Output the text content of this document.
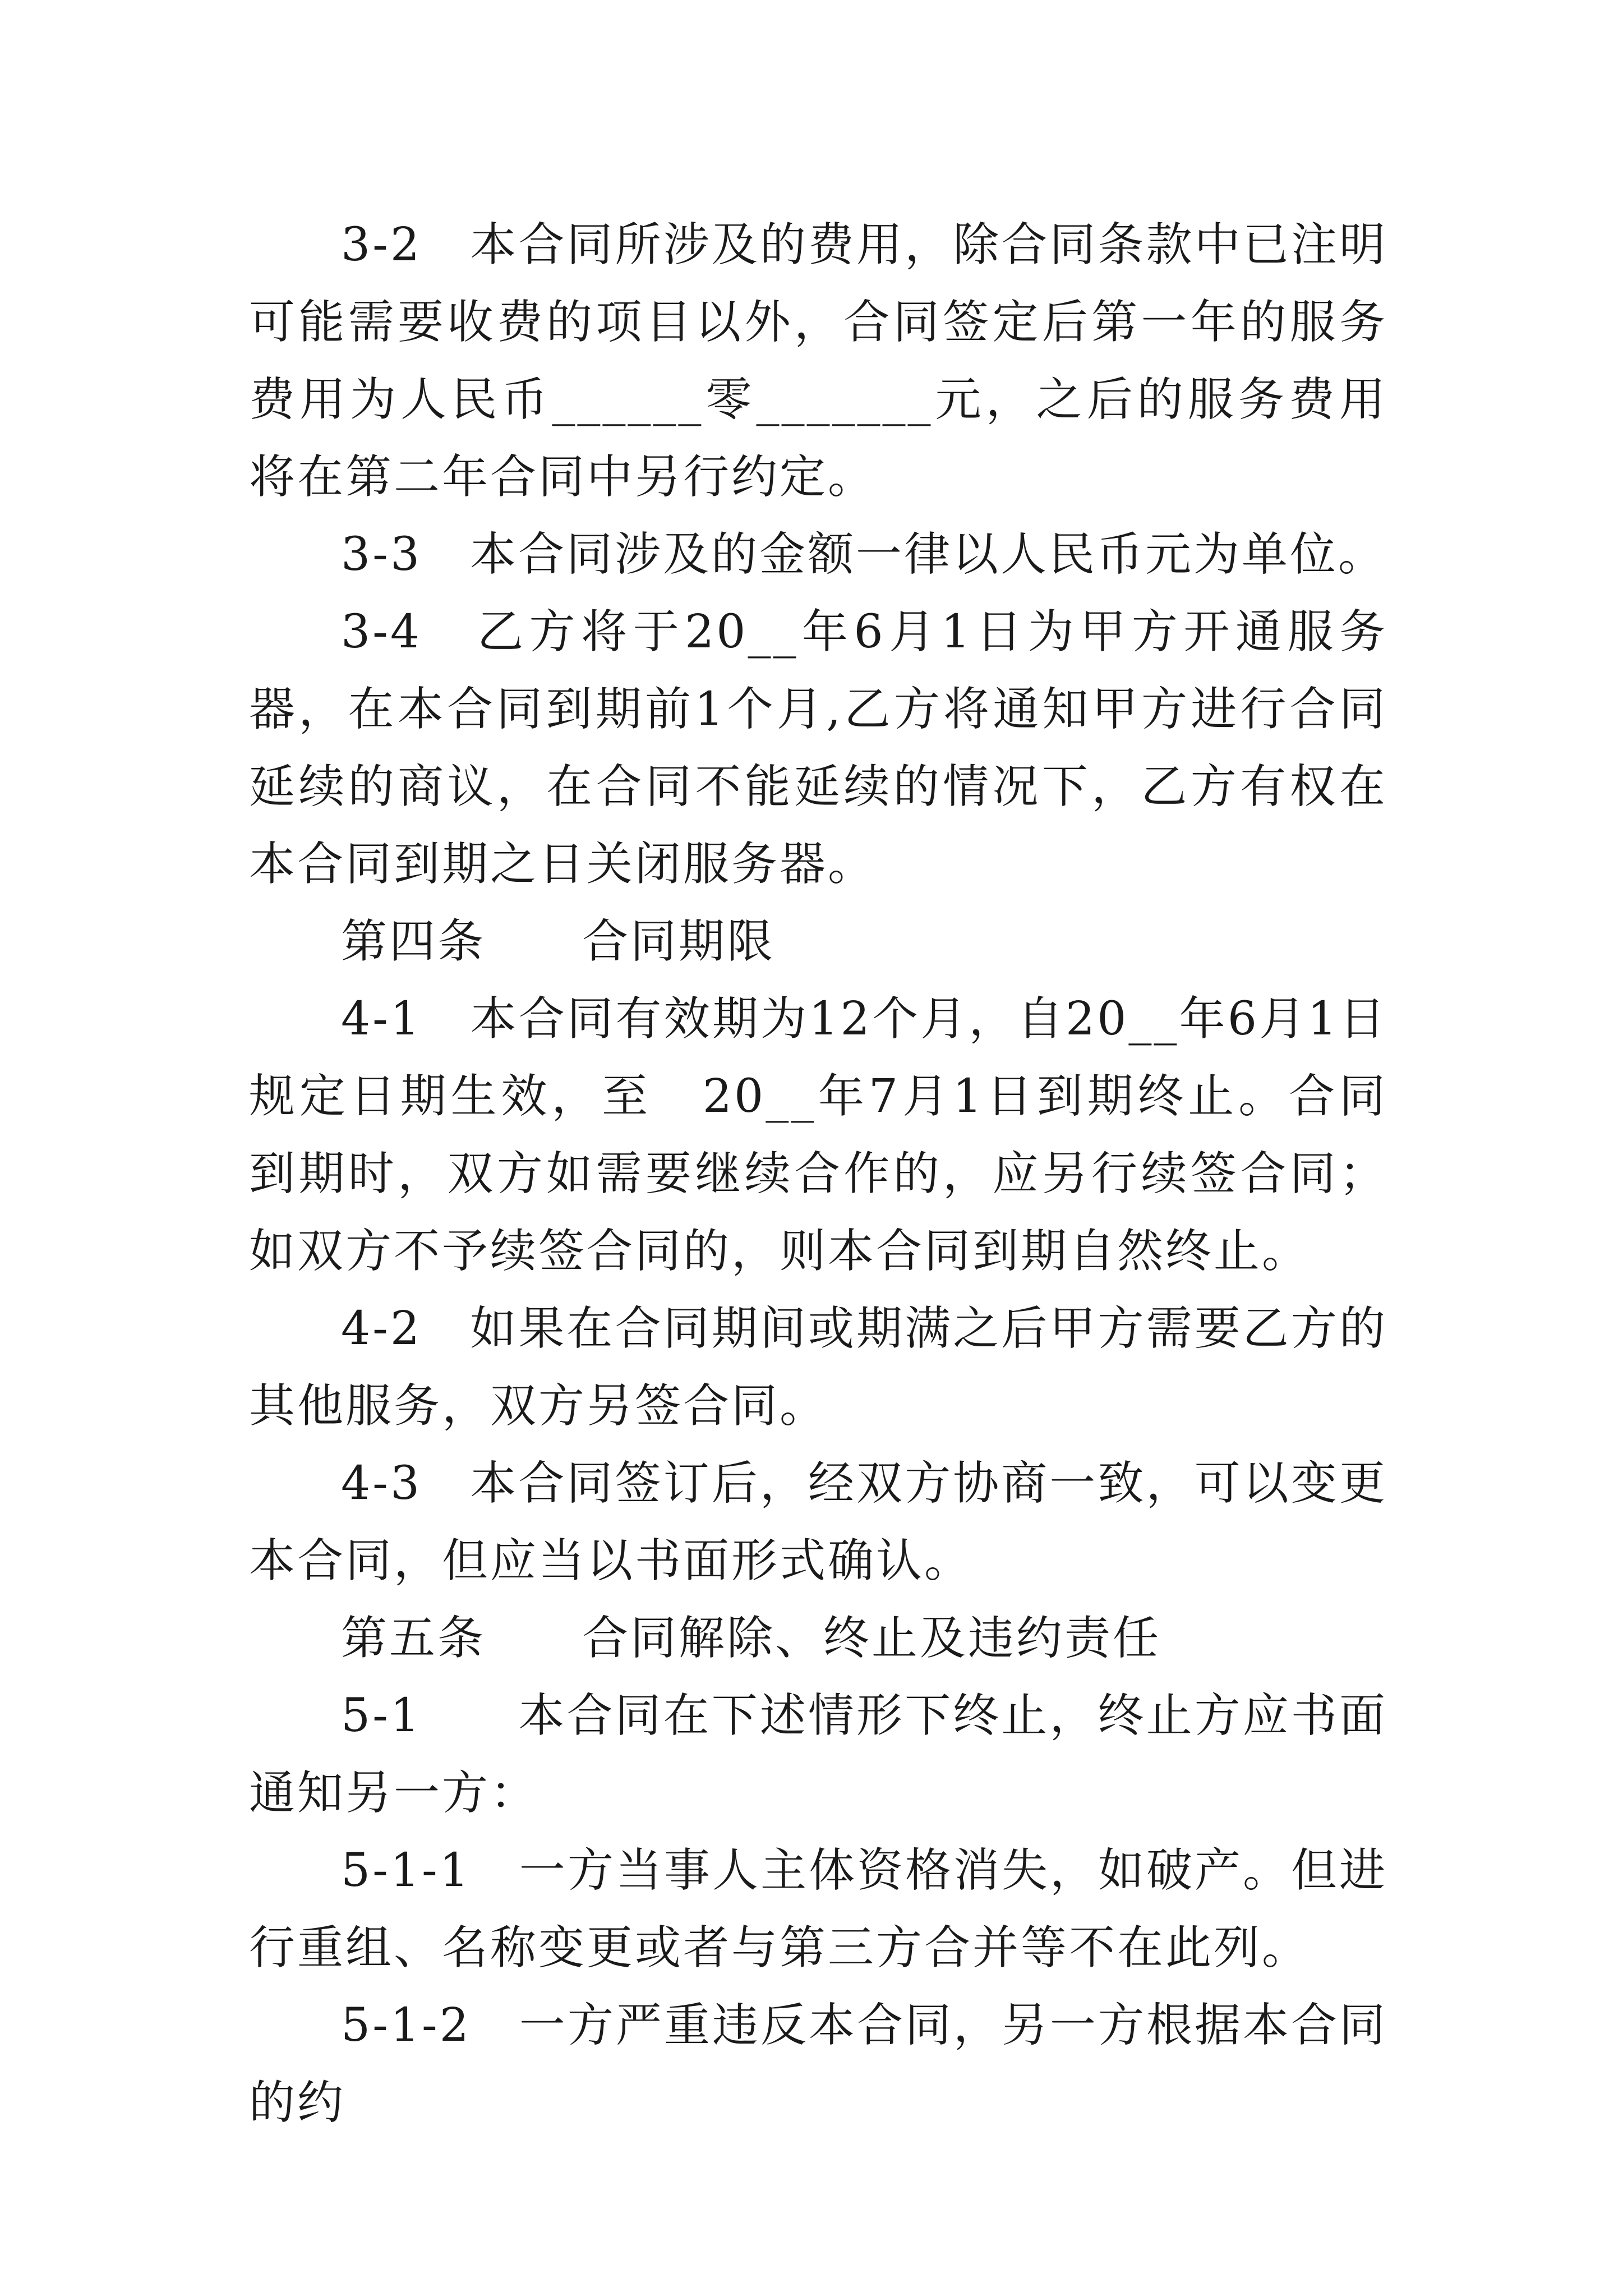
3-2　本合同所涉及的费用，除合同条款中已注明可能需要收费的项目以外，合同签定后第一年的服务费用为人民币______零_______元，之后的服务费用将在第二年合同中另行约定。

3-3　本合同涉及的金额一律以人民币元为单位。

3-4　乙方将于20__年6月1日为甲方开通服务器，在本合同到期前1个月,乙方将通知甲方进行合同延续的商议，在合同不能延续的情况下，乙方有权在本合同到期之日关闭服务器。

第四条　　合同期限

4-1　本合同有效期为12个月，自20__年6月1日规定日期生效，至　20__年7月1日到期终止。合同到期时，双方如需要继续合作的，应另行续签合同；如双方不予续签合同的，则本合同到期自然终止。

4-2　如果在合同期间或期满之后甲方需要乙方的其他服务，双方另签合同。

4-3　本合同签订后，经双方协商一致，可以变更本合同，但应当以书面形式确认。

第五条　　合同解除、终止及违约责任

5-1　　本合同在下述情形下终止，终止方应书面通知另一方：

5-1-1　一方当事人主体资格消失，如破产。但进行重组、名称变更或者与第三方合并等不在此列。

5-1-2　一方严重违反本合同，另一方根据本合同的约
